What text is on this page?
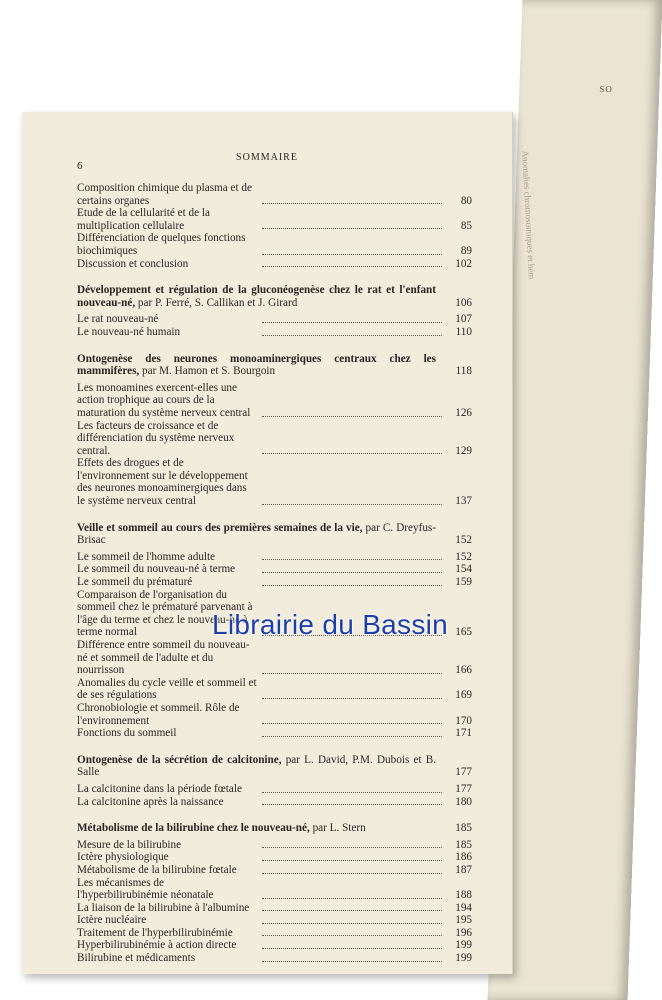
SO
Anomalies chromosomiques et hém
SOMMAIRE
6
Composition chimique du plasma et de certains organes	80
Etude de la cellularité et de la multiplication cellulaire	85
Différenciation de quelques fonctions biochimiques	89
Discussion et conclusion	102
Développement et régulation de la gluconéogenèse chez le rat et l'enfant nouveau-né, par P. Ferré, S. Callikan et J. Girard	106
Le rat nouveau-né	107
Le nouveau-né humain	110
Ontogenèse des neurones monoaminergiques centraux chez les mammifères, par M. Hamon et S. Bourgoin	118
Les monoamines exercent-elles une action trophique au cours de la maturation du système nerveux central	126
Les facteurs de croissance et de différenciation du système nerveux central.	129
Effets des drogues et de l'environnement sur le développement des neurones monoaminergiques dans le système nerveux central	137
Veille et sommeil au cours des premières semaines de la vie, par C. Dreyfus-Brisac	152
Le sommeil de l'homme adulte	152
Le sommeil du nouveau-né à terme	154
Le sommeil du prématuré	159
Comparaison de l'organisation du sommeil chez le prématuré parvenant à l'âge du terme et chez le nouveau-né à terme normal	165
Différence entre sommeil du nouveau-né et sommeil de l'adulte et du nourrisson	166
Anomalies du cycle veille et sommeil et de ses régulations	169
Chronobiologie et sommeil. Rôle de l'environnement	170
Fonctions du sommeil	171
Ontogenèse de la sécrétion de calcitonine, par L. David, P.M. Dubois et B. Salle	177
La calcitonine dans la période fœtale	177
La calcitonine après la naissance	180
Métabolisme de la bilirubine chez le nouveau-né, par L. Stern	185
Mesure de la bilirubine	185
Ictère physiologique	186
Métabolisme de la bilirubine fœtale	187
Les mécanismes de l'hyperbilirubinémie néonatale	188
La liaison de la bilirubine à l'albumine	194
Ictère nucléaire	195
Traitement de l'hyperbilirubinémie	196
Hyperbilirubinémie à action directe	199
Bilirubine et médicaments	199
Librairie du Bassin
